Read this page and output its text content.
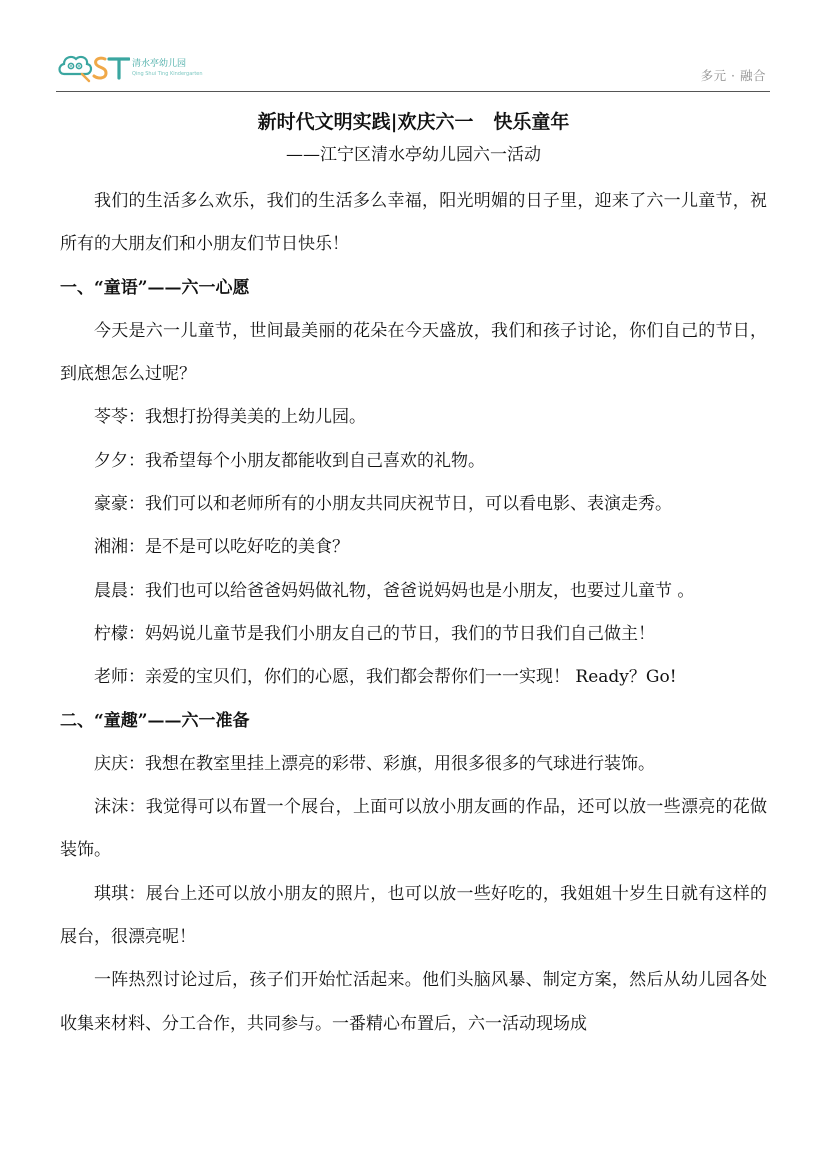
清水亭幼儿园
Qing Shui Ting Kindergarten	多元 · 融合

新时代文明实践|欢庆六一   快乐童年

——江宁区清水亭幼儿园六一活动

我们的生活多么欢乐，我们的生活多么幸福，阳光明媚的日子里，迎来了六一儿童节，祝所有的大朋友们和小朋友们节日快乐！

一、“童语”——六一心愿

今天是六一儿童节，世间最美丽的花朵在今天盛放，我们和孩子讨论，你们自己的节日，到底想怎么过呢？

苓苓：我想打扮得美美的上幼儿园。

夕夕：我希望每个小朋友都能收到自己喜欢的礼物。

豪豪：我们可以和老师所有的小朋友共同庆祝节日，可以看电影、表演走秀。

湘湘：是不是可以吃好吃的美食？

晨晨：我们也可以给爸爸妈妈做礼物，爸爸说妈妈也是小朋友，也要过儿童节 。

柠檬：妈妈说儿童节是我们小朋友自己的节日，我们的节日我们自己做主！

老师：亲爱的宝贝们，你们的心愿，我们都会帮你们一一实现！ Ready？Go!

二、“童趣”——六一准备

庆庆：我想在教室里挂上漂亮的彩带、彩旗，用很多很多的气球进行装饰。

沫沫：我觉得可以布置一个展台，上面可以放小朋友画的作品，还可以放一些漂亮的花做装饰。

琪琪：展台上还可以放小朋友的照片，也可以放一些好吃的，我姐姐十岁生日就有这样的展台，很漂亮呢！

一阵热烈讨论过后，孩子们开始忙活起来。他们头脑风暴、制定方案，然后从幼儿园各处收集来材料、分工合作，共同参与。一番精心布置后，六一活动现场成
